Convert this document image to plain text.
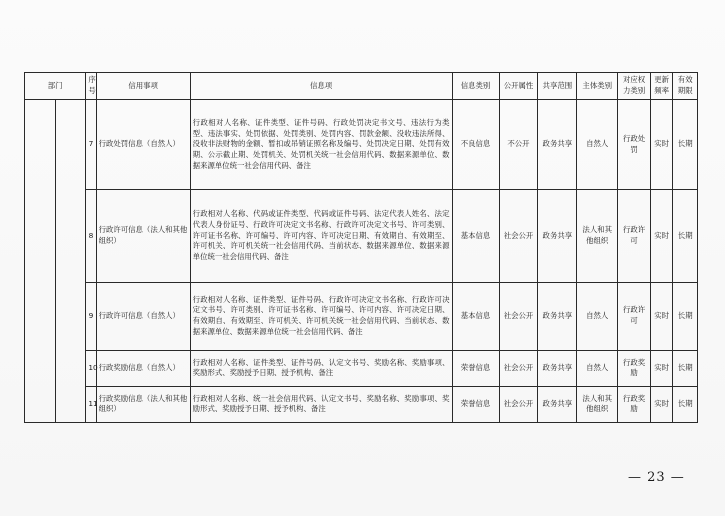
部门	序号	信用事项	信息项	信息类别	公开属性	共享范围	主体类别	对应权力类别	更新频率	有效期限

	7	行政处罚信息（自然人）	行政相对人名称、证件类型、证件号码、行政处罚决定书文号、违法行为类型、违法事实、处罚依据、处罚类别、处罚内容、罚款金额、没收违法所得、没收非法财物的金额、暂扣或吊销证照名称及编号、处罚决定日期、处罚有效期、公示截止期、处罚机关、处罚机关统一社会信用代码、数据来源单位、数据来源单位统一社会信用代码、备注	不良信息	不公开	政务共享	自然人	行政处罚	实时	长期
	8	行政许可信息（法人和其他组织）	行政相对人名称、代码或证件类型、代码或证件号码、法定代表人姓名、法定代表人身份证号、行政许可决定文书名称、行政许可决定文书号、许可类别、许可证书名称、许可编号、许可内容、许可决定日期、有效期自、有效期至、许可机关、许可机关统一社会信用代码、当前状态、数据来源单位、数据来源单位统一社会信用代码、备注	基本信息	社会公开	政务共享	法人和其他组织	行政许可	实时	长期
	9	行政许可信息（自然人）	行政相对人名称、证件类型、证件号码、行政许可决定文书名称、行政许可决定文书号、许可类别、许可证书名称、许可编号、许可内容、许可决定日期、有效期自、有效期至、许可机关、许可机关统一社会信用代码、当前状态、数据来源单位、数据来源单位统一社会信用代码、备注	基本信息	社会公开	政务共享	自然人	行政许可	实时	长期
	10	行政奖励信息（自然人）	行政相对人名称、证件类型、证件号码、认定文书号、奖励名称、奖励事项、奖励形式、奖励授予日期、授予机构、备注	荣誉信息	社会公开	政务共享	自然人	行政奖励	实时	长期
	11	行政奖励信息（法人和其他组织）	行政相对人名称、统一社会信用代码、认定文书号、奖励名称、奖励事项、奖励形式、奖励授予日期、授予机构、备注	荣誉信息	社会公开	政务共享	法人和其他组织	行政奖励	实时	长期
— 23 —
